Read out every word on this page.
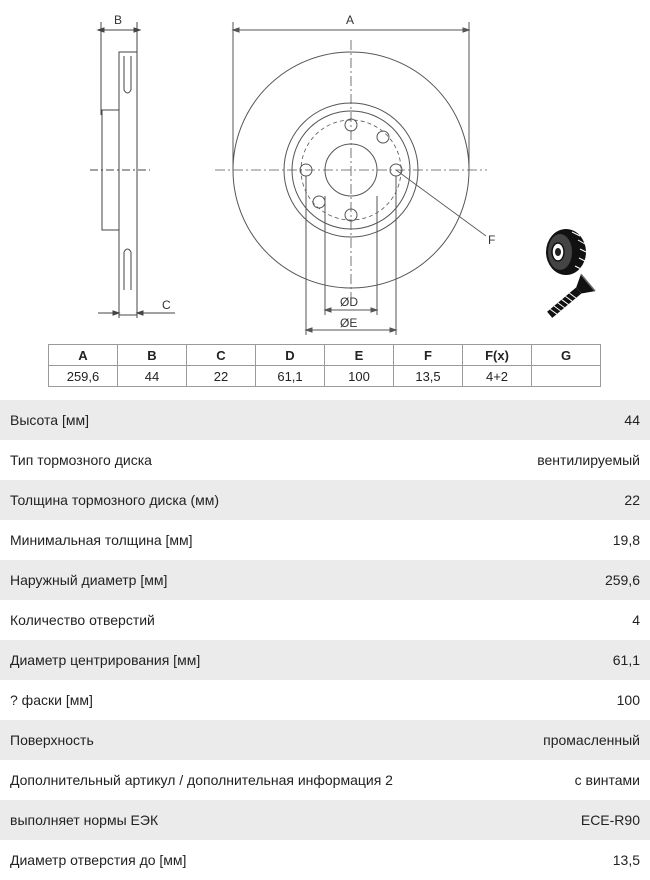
A
B
C	ØD
ØE
F
A	B	C	D	E	F	F(x)	G
259,6	44	22	61,1	100	13,5	4+2	
Высота [мм]	44
Тип тормозного диска	вентилируемый
Толщина тормозного диска (мм)	22
Минимальная толщина [мм]	19,8
Наружный диаметр [мм]	259,6
Количество отверстий	4
Диаметр центрирования [мм]	61,1
? фаски [мм]	100
Поверхность	промасленный
Дополнительный артикул / дополнительная информация 2	с винтами
выполняет нормы ЕЭК	ECE-R90
Диаметр отверстия до [мм]	13,5
